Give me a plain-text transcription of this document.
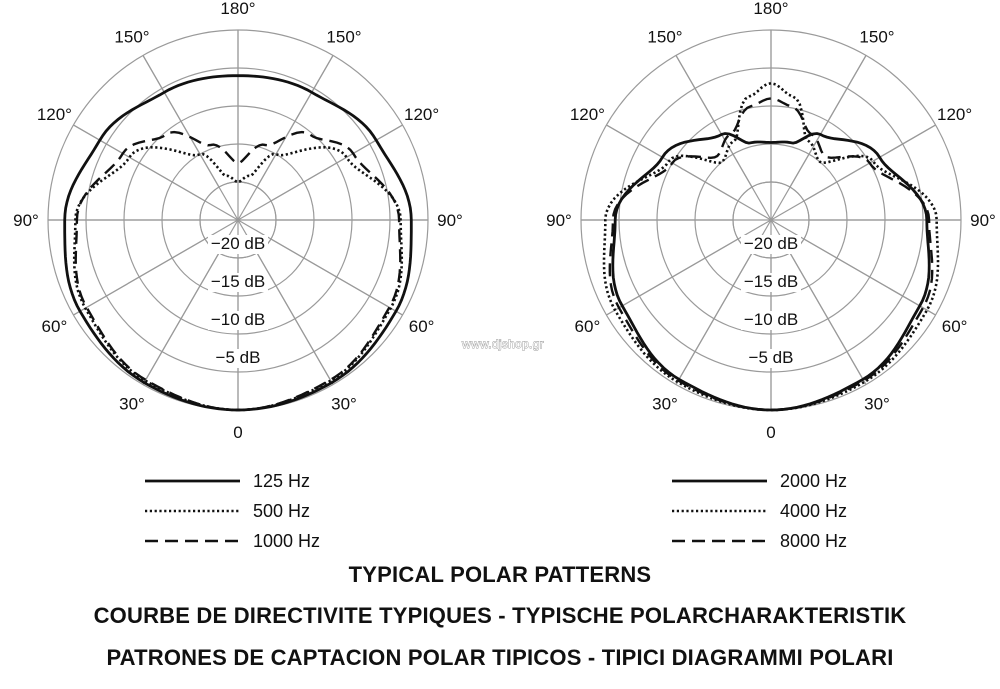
−20 dB
−15 dB
−10 dB
−5 dB
180°
150°
120°
90°
60°
30°
0
30°
60°
90°
120°
150°
125 Hz
500 Hz
1000 Hz
−20 dB
−15 dB
−10 dB
−5 dB
180°
150°
120°
90°
60°
30°
0
30°
60°
90°
120°
150°
2000 Hz
4000 Hz
8000 Hz
www.djshop.gr
TYPICAL POLAR PATTERNS
COURBE DE DIRECTIVITE TYPIQUES - TYPISCHE POLARCHARAKTERISTIK
PATRONES DE CAPTACION POLAR TIPICOS - TIPICI DIAGRAMMI POLARI
